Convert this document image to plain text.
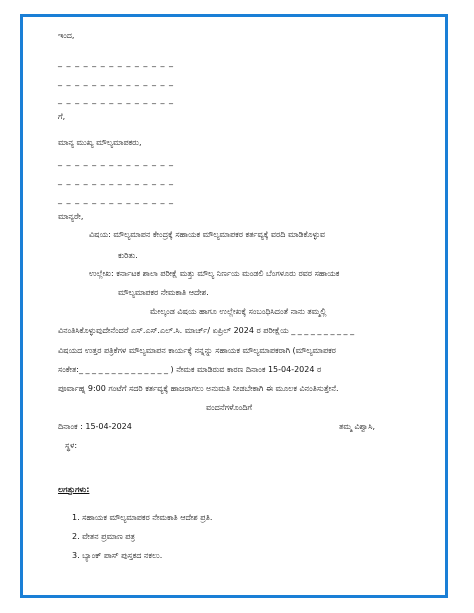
ಇಂದ,
_ _ _ _ _ _ _ _ _ _ _ _ _ _
_ _ _ _ _ _ _ _ _ _ _ _ _ _
_ _ _ _ _ _ _ _ _ _ _ _ _ _
ಗೆ,
ಮಾನ್ಯ ಮುಖ್ಯ ಮೌಲ್ಯಮಾಪಕರು,
_ _ _ _ _ _ _ _ _ _ _ _ _ _
_ _ _ _ _ _ _ _ _ _ _ _ _ _
_ _ _ _ _ _ _ _ _ _ _ _ _ _
ಮಾನ್ಯರೇ,
ವಿಷಯ: ಮೌಲ್ಯಮಾಪನ ಕೇಂದ್ರಕ್ಕೆ ಸಹಾಯಕ ಮೌಲ್ಯಮಾಪಕರ ಕರ್ತವ್ಯಕ್ಕೆ ವರದಿ ಮಾಡಿಕೊಳ್ಳುವ
ಕುರಿತು.
ಉಲ್ಲೇಖ: ಕರ್ನಾಟಕ ಶಾಲಾ ಪರೀಕ್ಷೆ ಮತ್ತು ಮೌಲ್ಯ ನಿರ್ಣಯ ಮಂಡಲಿ ಬೆಂಗಳೂರು ರವರ ಸಹಾಯಕ
ಮೌಲ್ಯಮಾಪಕರ ನೇಮಕಾತಿ ಆದೇಶ.
ಮೇಲ್ಕಂಡ ವಿಷಯ ಹಾಗೂ ಉಲ್ಲೇಖಕ್ಕೆ ಸಂಬಂಧಿಸಿದಂತೆ ನಾನು ತಮ್ಮಲ್ಲಿ
ವಿನಂತಿಸಿಕೊಳ್ಳುವುದೇನೆಂದರೆ ಎಸ್.ಎಸ್.ಎಲ್.ಸಿ. ಮಾರ್ಚ್/ ಏಪ್ರಿಲ್ 2024 ರ ಪರೀಕ್ಷೆಯ _ _ _ _ _ _ _ _ _ _
ವಿಷಯದ ಉತ್ತರ ಪತ್ರಿಕೆಗಳ ಮೌಲ್ಯಮಾಪನ ಕಾರ್ಯಕ್ಕೆ ನನ್ನನ್ನು ಸಹಾಯಕ ಮೌಲ್ಯಮಾಪಕರಾಗಿ (ಮೌಲ್ಯಮಾಪಕರ
ಸಂಕೇತ:_ _ _ _ _ _ _ _ _ _ _ _ _ _ ) ನೇಮಕ ಮಾಡಿರುವ ಕಾರಣ ದಿನಾಂಕ 15-04-2024 ರ
ಪೂರ್ವಾಹ್ನ 9:00 ಗಂಟೆಗೆ ಸದರಿ ಕರ್ತವ್ಯಕ್ಕೆ ಹಾಜರಾಗಲು ಅನುಮತಿ ನೀಡಬೇಕಾಗಿ ಈ ಮೂಲಕ ವಿನಂತಿಸುತ್ತೇನೆ.
ವಂದನೆಗಳೊಂದಿಗೆ
ದಿನಾಂಕ : 15-04-2024	ತಮ್ಮ ವಿಶ್ವಾಸಿ,
ಸ್ಥಳ:
ಲಗತ್ತುಗಳು:
1. ಸಹಾಯಕ ಮೌಲ್ಯಮಾಪಕರ ನೇಮಕಾತಿ ಆದೇಶ ಪ್ರತಿ.
2. ವೇತನ ಪ್ರಮಾಣ ಪತ್ರ
3. ಬ್ಯಾಂಕ್ ಪಾಸ್ ಪುಸ್ತಕದ ನಕಲು.
